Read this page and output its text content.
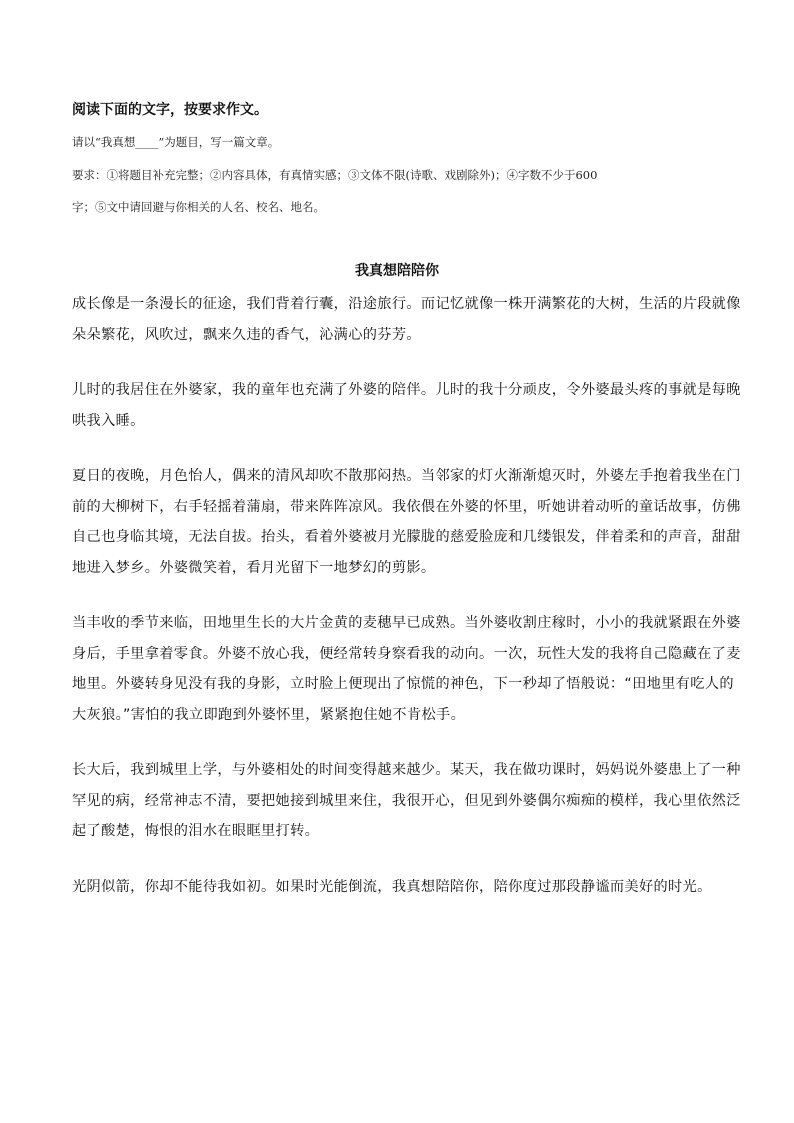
阅读下面的文字，按要求作文。
请以“我真想____”为题目，写一篇文章。
要求：①将题目补充完整；②内容具体，有真情实感；③文体不限(诗歌、戏剧除外)；④字数不少于600
字；⑤文中请回避与你相关的人名、校名、地名。
我真想陪陪你
成长像是一条漫长的征途，我们背着行囊，沿途旅行。而记忆就像一株开满繁花的大树，生活的片段就像
朵朵繁花，风吹过，飘来久违的香气，沁满心的芬芳。
儿时的我居住在外婆家，我的童年也充满了外婆的陪伴。儿时的我十分顽皮，令外婆最头疼的事就是每晚
哄我入睡。
夏日的夜晚，月色怡人，偶来的清风却吹不散那闷热。当邻家的灯火渐渐熄灭时，外婆左手抱着我坐在门
前的大柳树下，右手轻摇着蒲扇，带来阵阵凉风。我依偎在外婆的怀里，听她讲着动听的童话故事，仿佛
自己也身临其境，无法自拔。抬头，看着外婆被月光朦胧的慈爱脸庞和几缕银发，伴着柔和的声音，甜甜
地进入梦乡。外婆微笑着，看月光留下一地梦幻的剪影。
当丰收的季节来临，田地里生长的大片金黄的麦穗早已成熟。当外婆收割庄稼时，小小的我就紧跟在外婆
身后，手里拿着零食。外婆不放心我，便经常转身察看我的动向。一次，玩性大发的我将自己隐藏在了麦
地里。外婆转身见没有我的身影，立时脸上便现出了惊慌的神色，下一秒却了悟般说：“田地里有吃人的
大灰狼。”害怕的我立即跑到外婆怀里，紧紧抱住她不肯松手。
长大后，我到城里上学，与外婆相处的时间变得越来越少。某天，我在做功课时，妈妈说外婆患上了一种
罕见的病，经常神志不清，要把她接到城里来住，我很开心，但见到外婆偶尔痴痴的模样，我心里依然泛
起了酸楚，悔恨的泪水在眼眶里打转。
光阴似箭，你却不能待我如初。如果时光能倒流，我真想陪陪你，陪你度过那段静谧而美好的时光。
